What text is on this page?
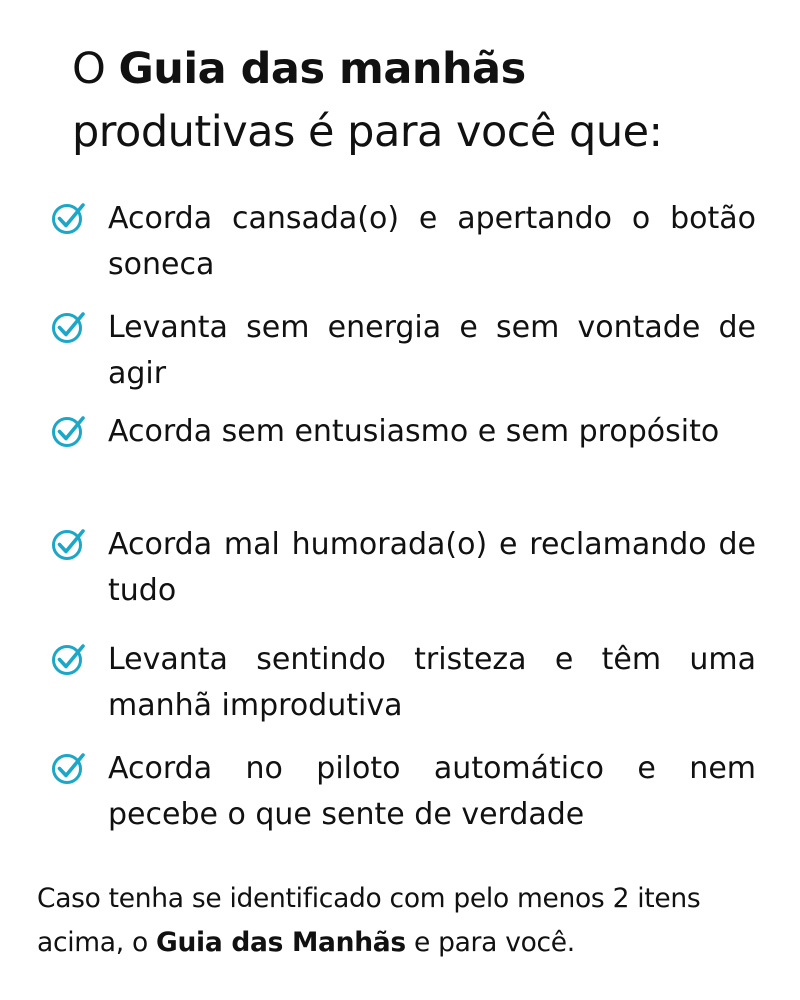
O Guia das manhãs
produtivas é para você que:
Acorda cansada(o) e apertando o botão soneca
Levanta sem energia e sem vontade de agir
Acorda sem entusiasmo e sem propósito
Acorda mal humorada(o) e reclamando de tudo
Levanta sentindo tristeza e têm uma manhã improdutiva
Acorda no piloto automático e nem pecebe o que sente de verdade
Caso tenha se identificado com pelo menos 2 itens acima, o Guia das Manhãs e para você.
